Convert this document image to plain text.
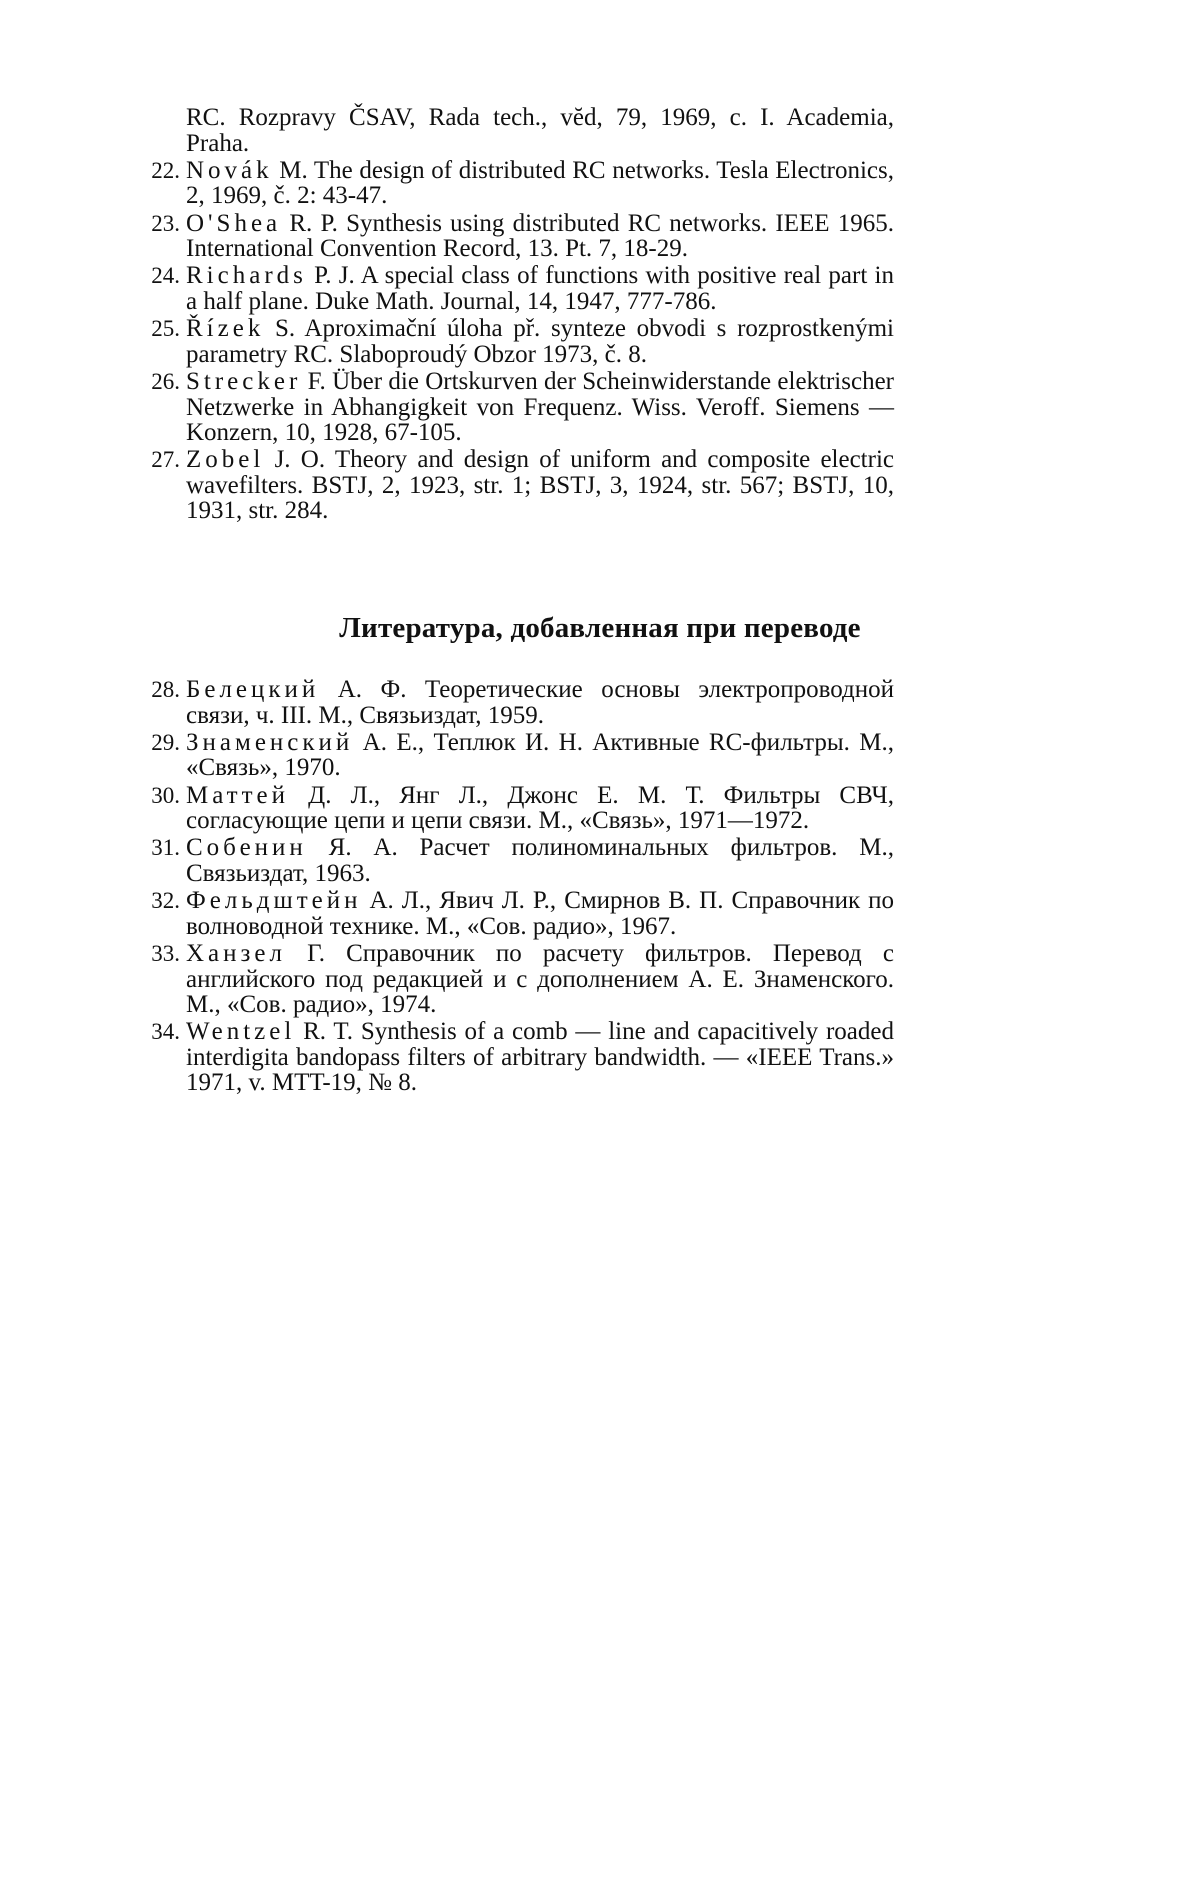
RC. Rozpravy ČSAV, Rada tech., vĕd, 79, 1969, c. I. Academia, Praha.
22. Novák M. The design of distributed RC networks. Tesla Electronics, 2, 1969, č. 2: 43-47.
23. O'Shea R. P. Synthesis using distributed RC networks. IEEE 1965. International Convention Record, 13. Pt. 7, 18-29.
24. Richards P. J. A special class of functions with positive real part in a half plane. Duke Math. Journal, 14, 1947, 777-786.
25. Řízek S. Aproximační úloha př. synteze obvodi s rozprostkenými parametry RC. Slaboproudý Obzor 1973, č. 8.
26. Strecker F. Über die Ortskurven der Scheinwiderstande elektrischer Netzwerke in Abhangigkeit von Frequenz. Wiss. Veroff. Siemens — Konzern, 10, 1928, 67-105.
27. Zobel J. O. Theory and design of uniform and composite electric wavefilters. BSTJ, 2, 1923, str. 1; BSTJ, 3, 1924, str. 567; BSTJ, 10, 1931, str. 284.
Литература, добавленная при переводе
28. Белецкий А. Ф. Теоретические основы электропроводной связи, ч. III. М., Связьиздат, 1959.
29. Знаменский А. Е., Теплюк И. Н. Активные RC-фильтры. М., «Связь», 1970.
30. Маттей Д. Л., Янг Л., Джонс Е. М. Т. Фильтры СВЧ, согласующие цепи и цепи связи. М., «Связь», 1971—1972.
31. Собенин Я. А. Расчет полиноминальных фильтров. М., Связьиздат, 1963.
32. Фельдштейн А. Л., Явич Л. Р., Смирнов В. П. Справочник по волноводной технике. М., «Сов. радио», 1967.
33. Ханзел Г. Справочник по расчету фильтров. Перевод с английского под редакцией и с дополнением А. Е. Знаменского. М., «Сов. радио», 1974.
34. Wentzel R. T. Synthesis of a comb — line and capacitively roaded interdigita bandopass filters of arbitrary bandwidth. — «IEEE Trans.» 1971, v. MTT-19, № 8.
